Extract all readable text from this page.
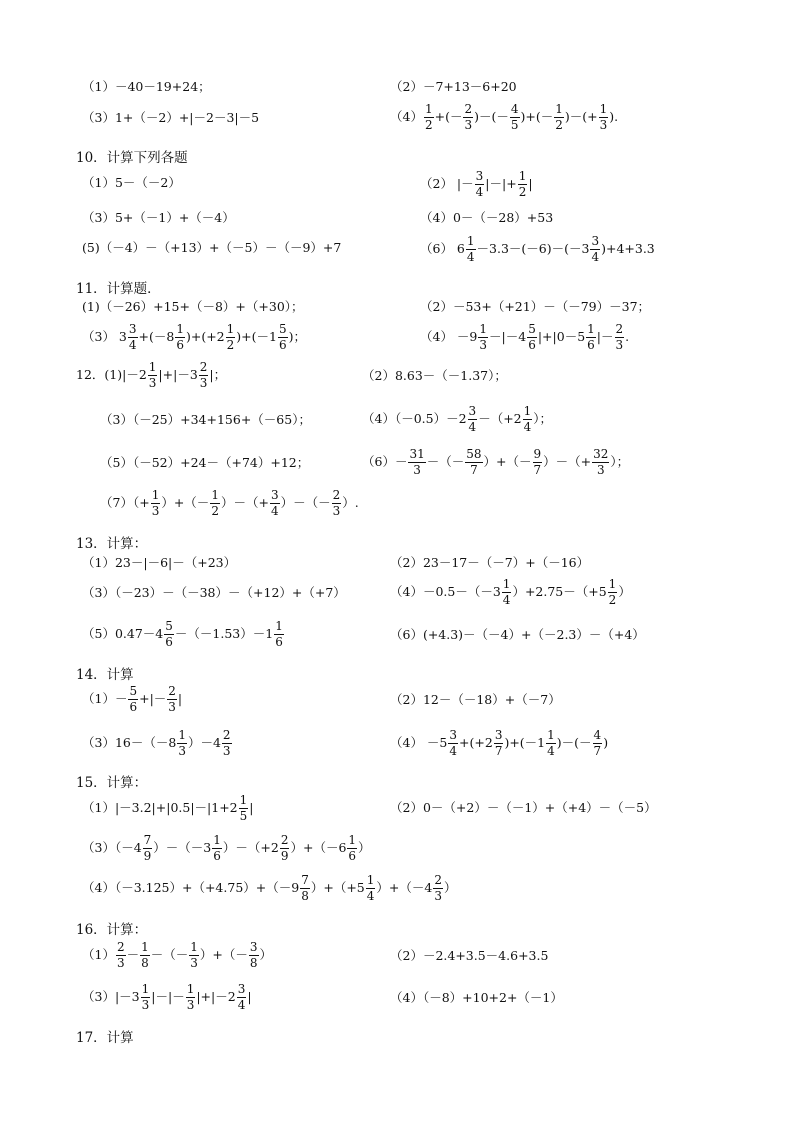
（1）－40－19+24；	（2）－7+13－6+20
（3）1+（－2）+|－2－3|－5	$(4) \frac{1}{2}$ +(－ $\frac{2}{3}$ )－(－ $\frac{4}{5}$ )+(－ $\frac{1}{2}$ )－(+ $\frac{1}{3}$ ).
10．计算下列各题
（1）5－（－2）	（2） |－ $\frac{3}{4}$ |－|+ $\frac{1}{2}$ |
（3）5+（－1）+（－4）	（4）0－（－28）+53
(5)（－4）－（+13）+（－5）－（－9）+7	（6） $6 \frac{1}{4} -3.3-(-6)-(-3 \frac{3}{4} )+4+3.3$
11．计算题．
(1)（－26）+15+（－8）+（+30）；	（2）－53+（+21）－（－79）－37；
（3） $3 \frac{3}{4} +(-8 \frac{1}{6} )+(+2 \frac{1}{2} )+(-1 \frac{5}{6}$ )；	$(4) -9 \frac{1}{3} -|-4 \frac{5}{6} |+|0-5 \frac{1}{6}$ |－ $\frac{2}{3}$ .
12．$(1)|-2 \frac{1}{3} |+|-3 \frac{2}{3}$ |；	（2）8.63－（－1.37）；
（3）（－25）+34+156+（－65）；	$(4)(-0.5)-2 \frac{3}{4} -(+2 \frac{1}{4}$ ）；
（5）（－52）+24－（+74）+12；	$(6)- \frac{31}{3}$ －（－ $\frac{58}{7}$ ）+（－ $\frac{9}{7}$ ）－（+ $\frac{32}{3}$ ）；
$(7)(+ \frac{1}{3}$ ）+（－ $\frac{1}{2}$ ）－（+ $\frac{3}{4}$ ）－（－ $\frac{2}{3}$ ）.
13．计算：
（1）23－|－6|－（+23）	（2）23－17－（－7）+（－16）
（3）（－23）－（－38）－（+12）+（+7）	$(4)-0.5-(-3 \frac{1}{4} )+2.75-(+5 \frac{1}{2}$ ）
$(5)0.47-4 \frac{5}{6} -(-1.53)-1 \frac{1}{6}$	（6）(+4.3)－（－4）+（－2.3）－（+4）
14．计算
$(1)- \frac{5}{6}$ +|－ $\frac{2}{3}$ |	（2）12－（－18）+（－7）
$(3)16-(-8 \frac{1}{3} )-4 \frac{2}{3}$	$(4) -5 \frac{3}{4} +(+2 \frac{3}{7} )+(-1 \frac{1}{4}$ )－(－ $\frac{4}{7}$ )
15．计算：
$(1)|-3.2|+|0.5|-|1+2 \frac{1}{5}$ |	（2）0－（+2）－（－1）+（+4）－（－5）
$(3)(-4 \frac{7}{9} )-(-3 \frac{1}{6} )-(+2 \frac{2}{9} )+(-6 \frac{1}{6}$ ）
$(4)(-3.125)+(+4.75)+(-9 \frac{7}{8} )+(+5 \frac{1}{4} )+(-4 \frac{2}{3}$ ）
16．计算：
$(1) \frac{2}{3} - \frac{1}{8}$ －（－ $\frac{1}{3}$ ）+（－ $\frac{3}{8}$ ）	（2）－2.4+3.5－4.6+3.5
$(3)|-3 \frac{1}{3}$ |－|－ $\frac{1}{3} |+|-2 \frac{3}{4}$ |	（4）（－8）+10+2+（－1）
17．计算
